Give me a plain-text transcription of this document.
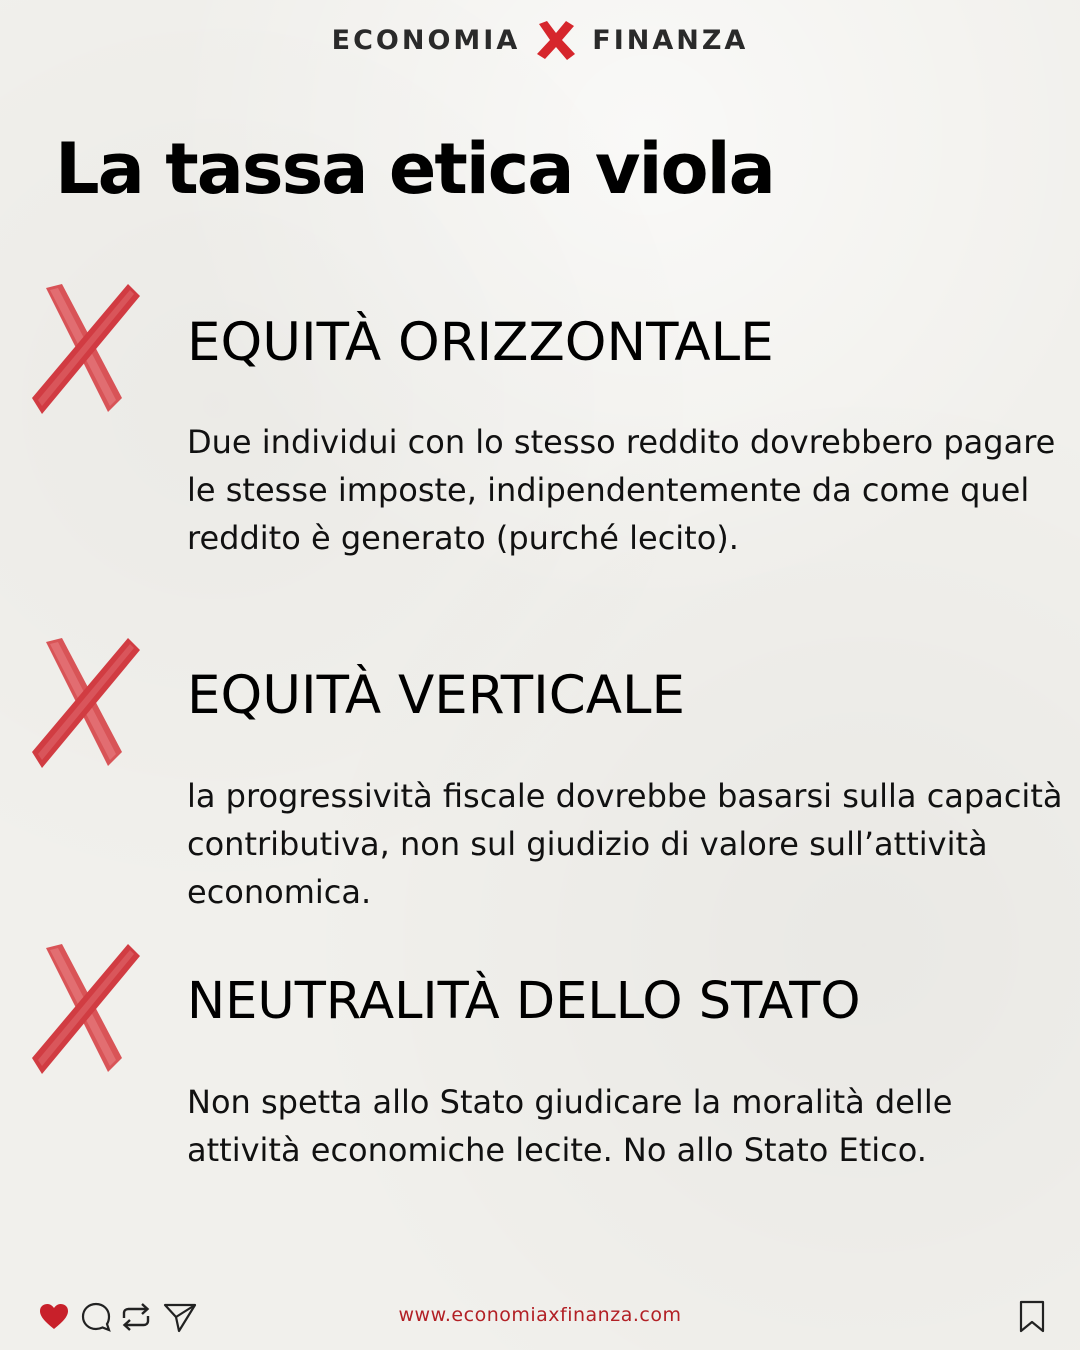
ECONOMIA	FINANZA
La tassa etica viola
EQUITÀ ORIZZONTALE

Due individui con lo stesso reddito dovrebbero pagare le stesse imposte, indipendentemente da come quel reddito è generato (purché lecito).

EQUITÀ VERTICALE

la progressività fiscale dovrebbe basarsi sulla capacità contributiva, non sul giudizio di valore sull’attività economica.

NEUTRALITÀ DELLO STATO

Non spetta allo Stato giudicare la moralità delle attività economiche lecite. No allo Stato Etico.

www.economiaxfinanza.com
